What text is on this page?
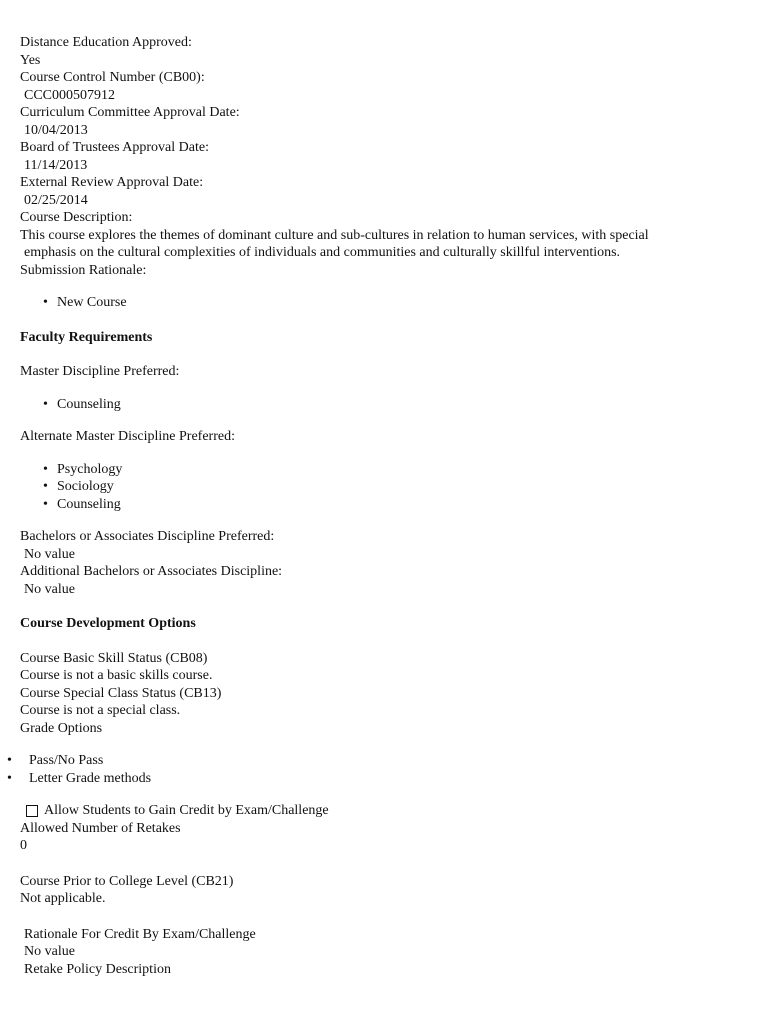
Distance Education Approved:
Yes
Course Control Number (CB00):
CCC000507912
Curriculum Committee Approval Date:
10/04/2013
Board of Trustees Approval Date:
11/14/2013
External Review Approval Date:
02/25/2014
Course Description:
This course explores the themes of dominant culture and sub-cultures in relation to human services, with special
emphasis on the cultural complexities of individuals and communities and culturally skillful interventions.
Submission Rationale:
• New Course
Faculty Requirements
Master Discipline Preferred:
• Counseling
Alternate Master Discipline Preferred:
• Psychology
• Sociology
• Counseling
Bachelors or Associates Discipline Preferred:
No value
Additional Bachelors or Associates Discipline:
No value
Course Development Options
Course Basic Skill Status (CB08)
Course is not a basic skills course.
Course Special Class Status (CB13)
Course is not a special class.
Grade Options
• Pass/No Pass
• Letter Grade methods
Allow Students to Gain Credit by Exam/Challenge
Allowed Number of Retakes
0
Course Prior to College Level (CB21)
Not applicable.
Rationale For Credit By Exam/Challenge
No value
Retake Policy Description
